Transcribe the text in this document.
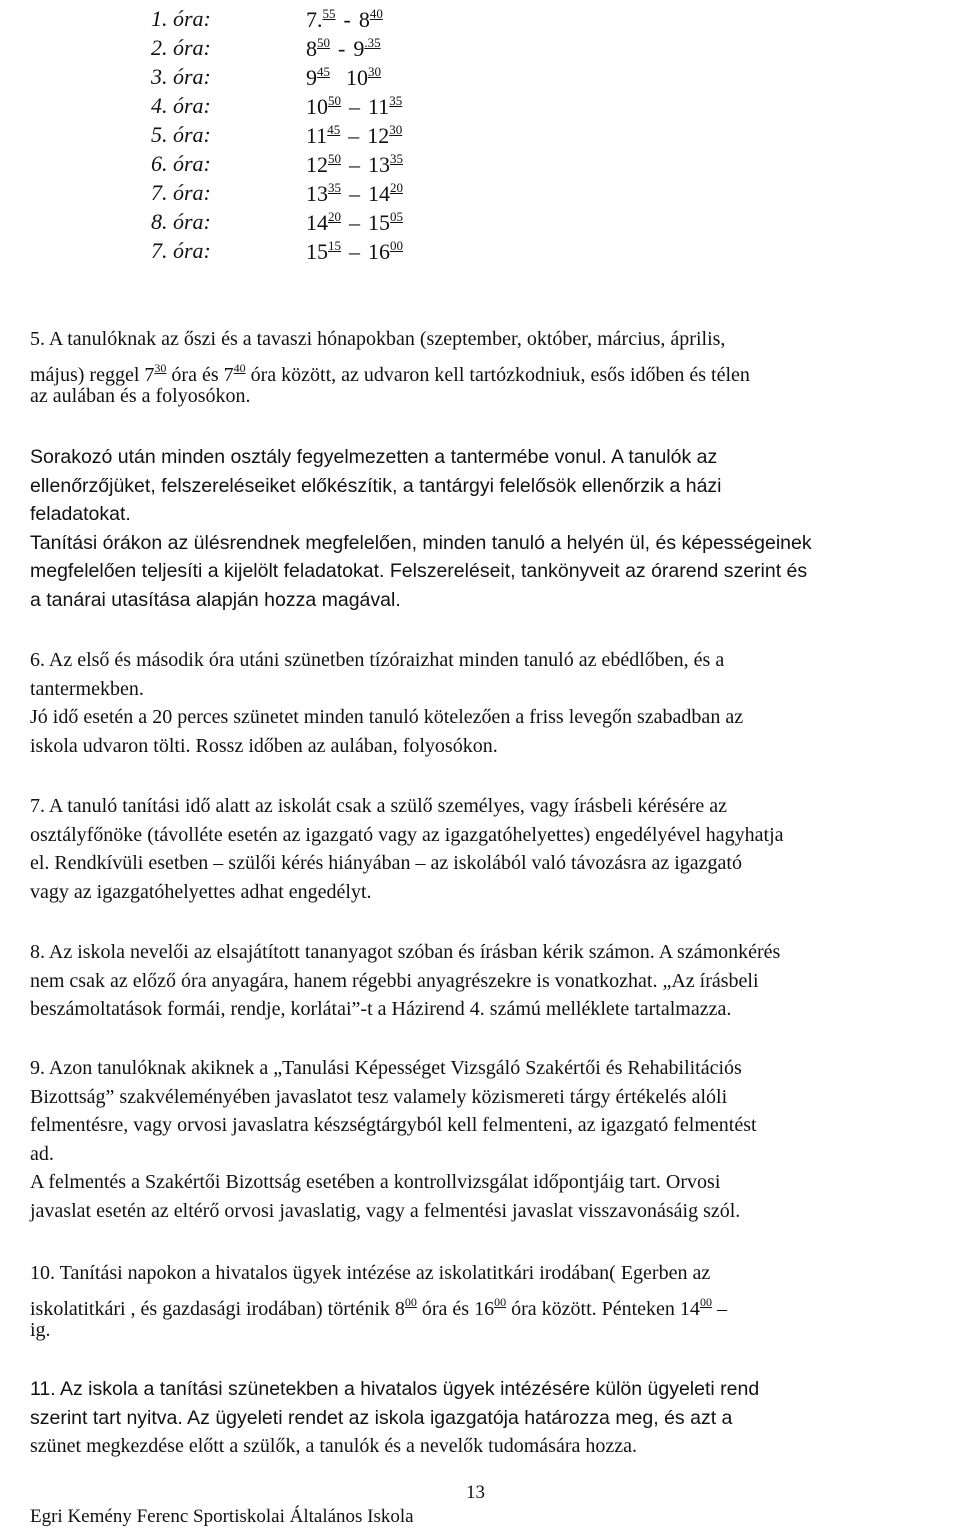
1. óra:	$7.55 - 8^{40}$
2. óra:	$8^{50} - 9^{.35}$
3. óra:	$9^{45}$ $10^{30}$
4. óra:	$10^{50} - 11^{35}$
5. óra:	$11^{45} - 12^{30}$
6. óra:	$12^{50} - 13^{35}$
7. óra:	$13^{35} - 14^{20}$
8. óra:	$14^{20} - 15^{05}$
7. óra:	$15^{15} - 16^{00}$
5. A tanulóknak az őszi és a tavaszi hónapokban (szeptember, október, március, április,
május) reggel $7^{30}$ óra és $7^{40}$ óra között, az udvaron kell tartózkodniuk, esős időben és télen
az aulában és a folyosókon.
Sorakozó után minden osztály fegyelmezetten a tantermébe vonul. A tanulók az
ellenőrzőjüket, felszereléseiket előkészítik, a tantárgyi felelősök ellenőrzik a házi
feladatokat.
Tanítási órákon az ülésrendnek megfelelően, minden tanuló a helyén ül, és képességeinek
megfelelően teljesíti a kijelölt feladatokat. Felszereléseit, tankönyveit az órarend szerint és
a tanárai utasítása alapján hozza magával.
6. Az első és második óra utáni szünetben tízóraizhat minden tanuló az ebédlőben, és a
tantermekben.
Jó idő esetén a 20 perces szünetet minden tanuló kötelezően a friss levegőn szabadban az
iskola udvaron tölti. Rossz időben az aulában, folyosókon.
7. A tanuló tanítási idő alatt az iskolát csak a szülő személyes, vagy írásbeli kérésére az
osztályfőnöke (távolléte esetén az igazgató vagy az igazgatóhelyettes) engedélyével hagyhatja
el. Rendkívüli esetben – szülői kérés hiányában – az iskolából való távozásra az igazgató
vagy az igazgatóhelyettes adhat engedélyt.
8. Az iskola nevelői az elsajátított tananyagot szóban és írásban kérik számon. A számonkérés
nem csak az előző óra anyagára, hanem régebbi anyagrészekre is vonatkozhat. „Az írásbeli
beszámoltatások formái, rendje, korlátai”-t a Házirend 4. számú melléklete tartalmazza.
9. Azon tanulóknak akiknek a „Tanulási Képességet Vizsgáló Szakértői és Rehabilitációs
Bizottság” szakvéleményében javaslatot tesz valamely közismereti tárgy értékelés alóli
felmentésre, vagy orvosi javaslatra készségtárgyból kell felmenteni, az igazgató felmentést
ad.
A felmentés a Szakértői Bizottság esetében a kontrollvizsgálat időpontjáig tart. Orvosi
javaslat esetén az eltérő orvosi javaslatig, vagy a felmentési javaslat visszavonásáig szól.
10. Tanítási napokon a hivatalos ügyek intézése az iskolatitkári irodában( Egerben az
iskolatitkári , és gazdasági irodában) történik $8^{00}$ óra és $16^{00}$ óra között. Pénteken $14^{00}$ –
ig.
11. Az iskola a tanítási szünetekben a hivatalos ügyek intézésére külön ügyeleti rend
szerint tart nyitva. Az ügyeleti rendet az iskola igazgatója határozza meg, és azt a
szünet megkezdése előtt a szülők, a tanulók és a nevelők tudomására hozza.
13
Egri Kemény Ferenc Sportiskolai Általános Iskola
